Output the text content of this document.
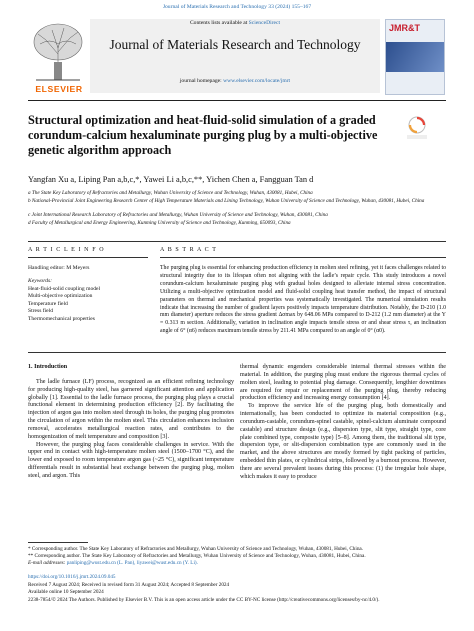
Journal of Materials Research and Technology 33 (2024) 155–167
Contents lists available at ScienceDirect
Journal of Materials Research and Technology
journal homepage: www.elsevier.com/locate/jmrt
ELSEVIER
JMR&T
Structural optimization and heat-fluid-solid simulation of a graded corundum-calcium hexaluminate purging plug by a multi-objective genetic algorithm approach
Yangfan Xu a, Liping Pan a,b,c,*, Yawei Li a,b,c,**, Yichen Chen a, Fangguan Tan d
a The State Key Laboratory of Refractories and Metallurgy, Wuhan University of Science and Technology, Wuhan, 430081, Hubei, China
b National-Provincial Joint Engineering Research Center of High Temperature Materials and Lining Technology, Wuhan University of Science and Technology, Wuhan, 430081, Hubei, China
c Joint International Research Laboratory of Refractories and Metallurgy, Wuhan University of Science and Technology, Wuhan, 430081, China
d Faculty of Metallurgical and Energy Engineering, Kunming University of Science and Technology, Kunming, 650093, China
A R T I C L E I N F O	A B S T R A C T
Handling editor: M Meyers
Keywords:
Heat-fluid-solid coupling model
Multi-objective optimization
Temperature field
Stress field
Thermomechanical properties
The purging plug is essential for enhancing production efficiency in molten steel refining, yet it faces challenges related to structural integrity due to its lifespan often not aligning with the ladle’s repair cycle. This study introduces a novel corundum-calcium hexaluminate purging plug with gradual holes designed to alleviate internal stress concentration. Utilizing a multi-objective optimization model and fluid-solid coupling heat transfer method, the impact of structural parameters on thermal and mechanical properties was systematically investigated. The numerical simulation results indicate that increasing the number of gradient layers positively impacts temperature distribution. Notably, the D-210 (1.0 mm diameter) aperture reduces the stress gradient Δσmax by 648.06 MPa compared to D-212 (1.2 mm diameter) at the Y = 0.313 m section. Additionally, variation in inclination angle impacts tensile stress σr and shear stress τ, an inclination angle of 6° (α6) reduces maximum tensile stress by 211.41 MPa compared to an angle of 0° (α0).
1. Introduction

The ladle furnace (LF) process, recognized as an efficient refining technology for producing high-quality steel, has garnered significant attention and application globally [1]. Essential to the ladle furnace process, the purging plug plays a crucial functional element in determining production efficiency [2]. By facilitating the injection of argon gas into molten steel through its holes, the purging plug promotes the circulation of argon within the molten steel. This circulation enhances inclusion removal, accelerates metallurgical reaction rates, and contributes to the homogenization of melt temperature and composition [3].

However, the purging plug faces considerable challenges in service. With the upper end in contact with high-temperature molten steel (1500–1700 °C), and the lower end exposed to room temperature argon gas (~25 °C), significant temperature differentials result in substantial heat exchange between the purging plug, molten steel, and argon. This

thermal dynamic engenders considerable internal thermal stresses within the material. In addition, the purging plug must endure the rigorous thermal cycles of molten steel, leading to potential plug damage. Consequently, lengthier downtimes are required for repair or replacement of the purging plug, thereby reducing production efficiency and increasing energy consumption [4].

To improve the service life of the purging plug, both domestically and internationally, has been conducted to optimize its material composition (e.g., corundum-castable, corundum-spinel castable, spinel-calcium aluminate compound castable) and structure design (e.g., dispersion type, slit type, straight type, core plate combined type, composite type) [5–8]. Among them, the traditional slit type, dispersion type, or slit-dispersion combination type are commonly used in the market, and the above structures are mostly formed by tight packing of particles, embedded thin plates, or cylindrical strips, followed by a burnout process. However, there are several prevalent issues during this process: (1) the irregular hole shape, which makes it easy to produce

* Corresponding author. The State Key Laboratory of Refractories and Metallurgy, Wuhan University of Science and Technology, Wuhan, 430081, Hubei, China.
** Corresponding author. The State Key Laboratory of Refractories and Metallurgy, Wuhan University of Science and Technology, Wuhan, 430081, Hubei, China.
E-mail addresses: panliping@wust.edu.cn (L. Pan), liyawei@wust.edu.cn (Y. Li).
https://doi.org/10.1016/j.jmrt.2024.09.045
Received 7 August 2024; Received in revised form 31 August 2024; Accepted 8 September 2024
Available online 10 September 2024
2238-7854/© 2024 The Authors. Published by Elsevier B.V. This is an open access article under the CC BY-NC license (http://creativecommons.org/licenses/by-nc/4.0/).
